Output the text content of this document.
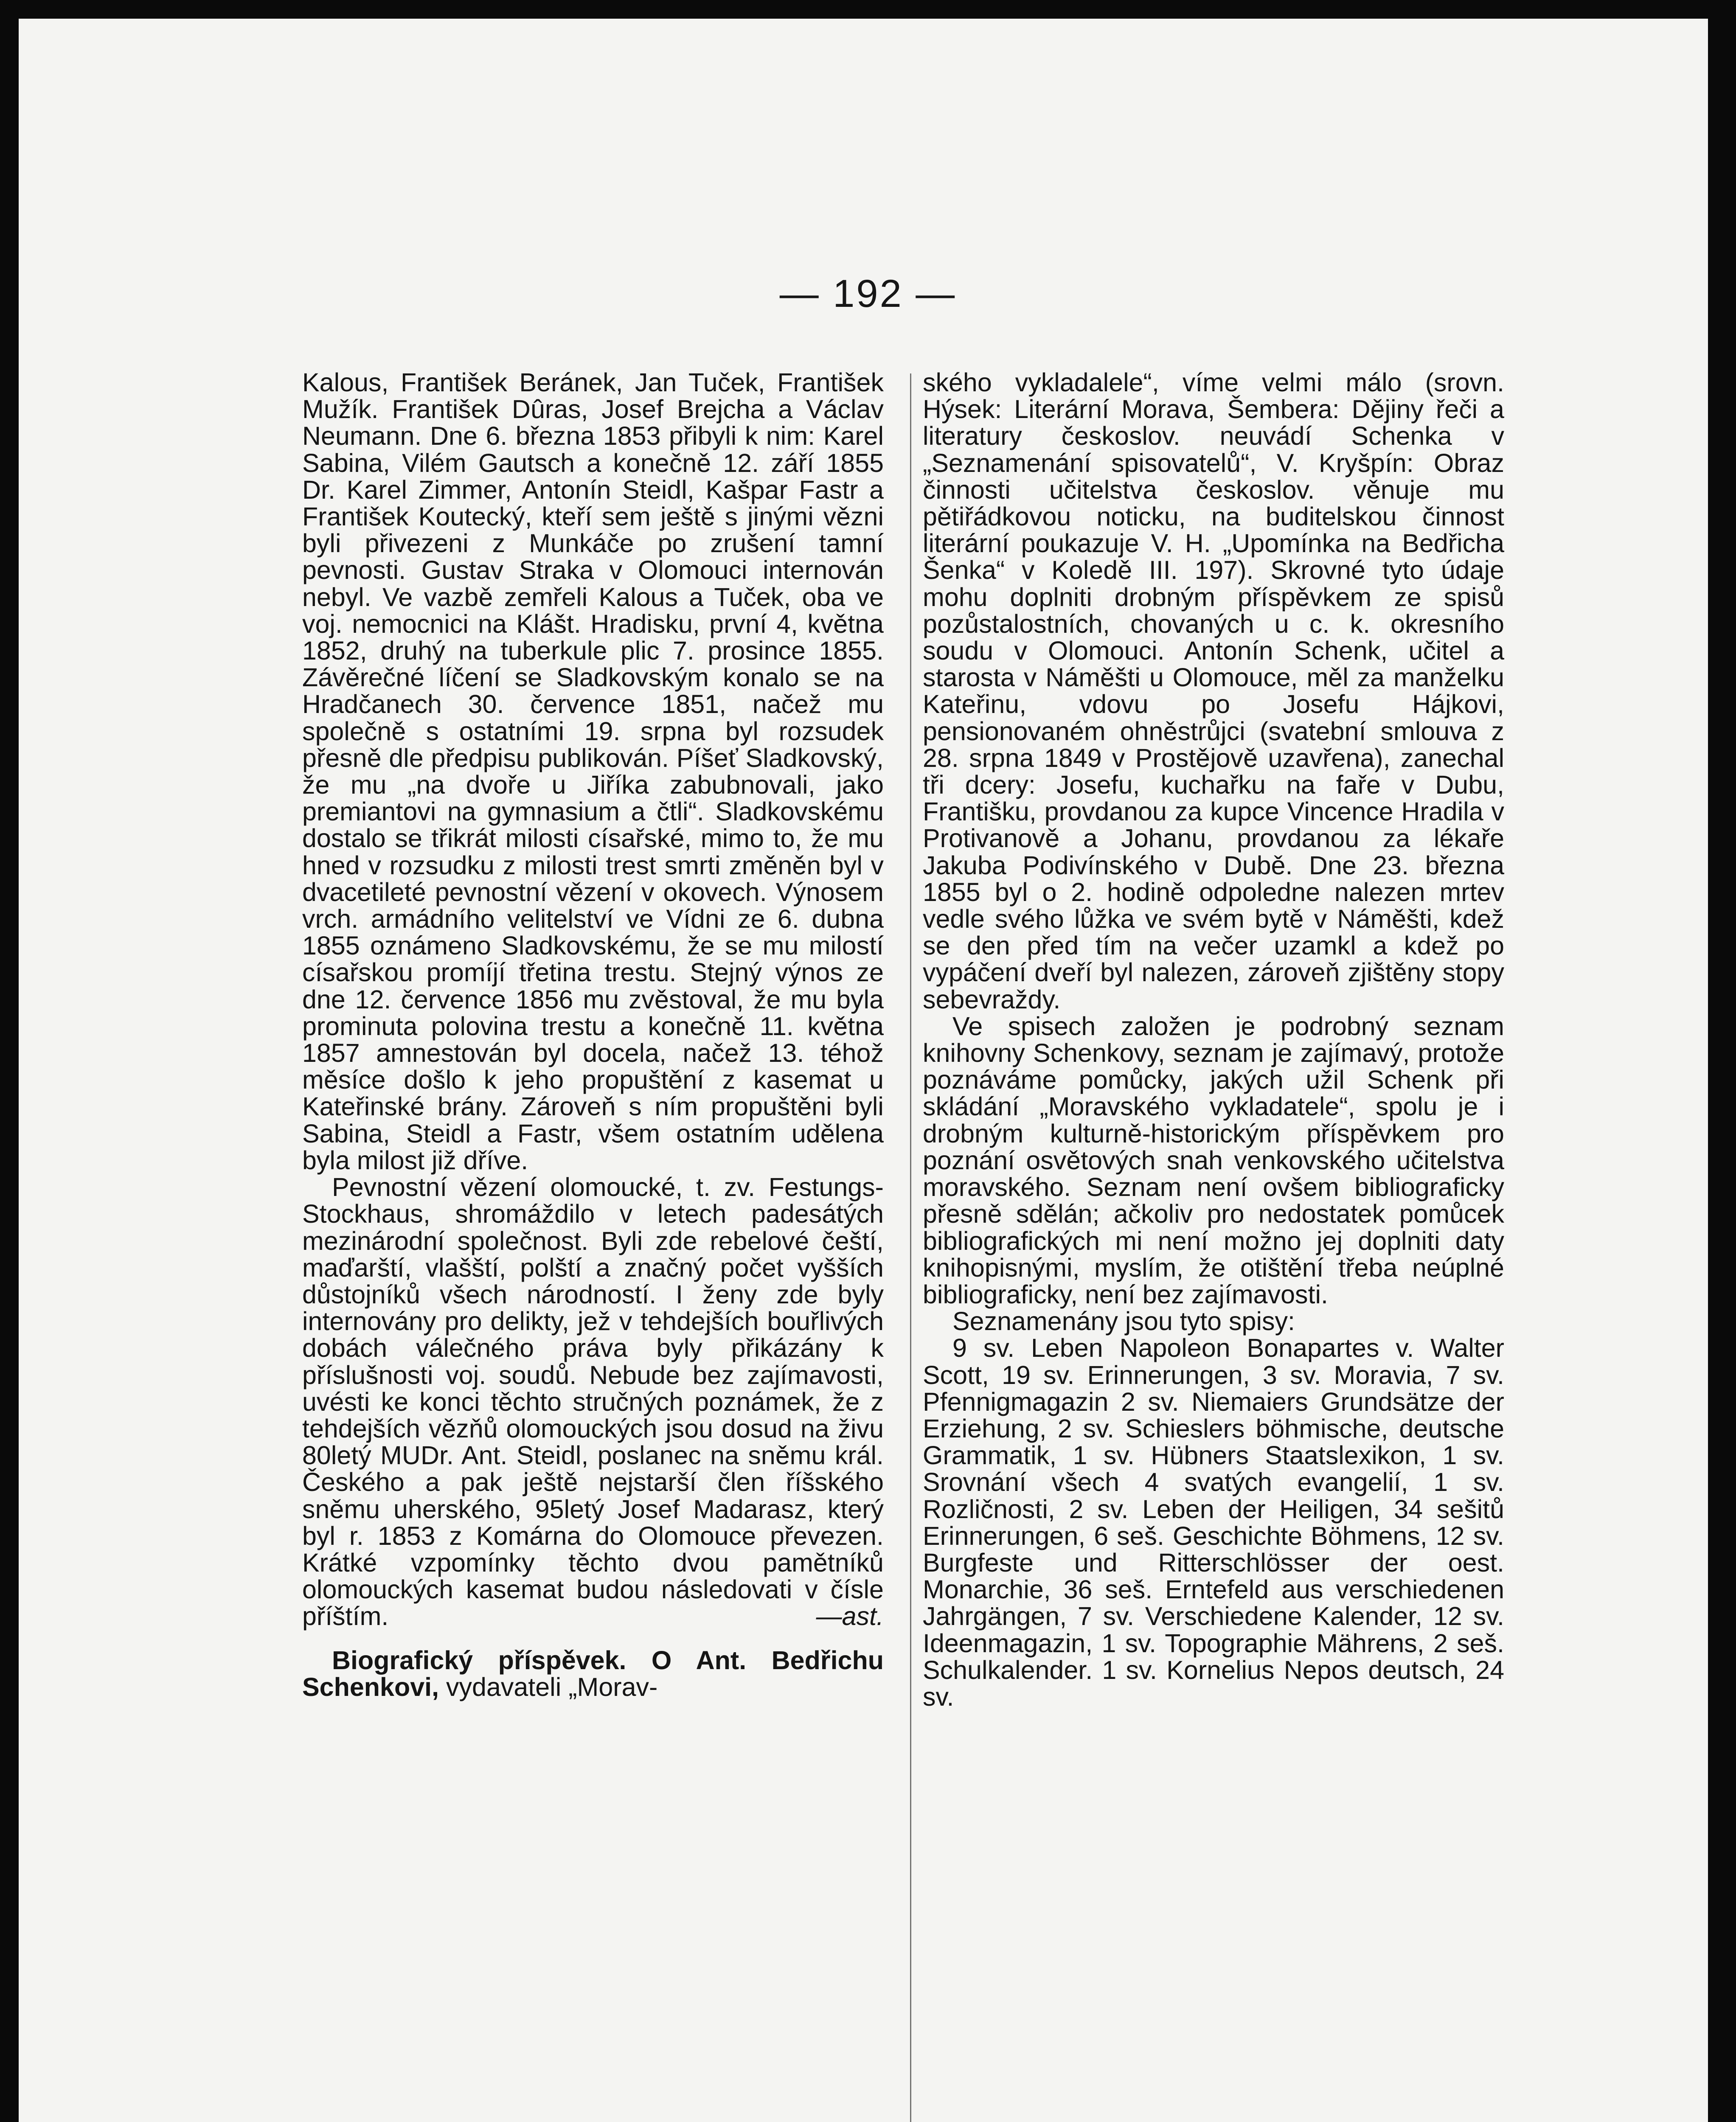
— 192 —

Kalous, František Beránek, Jan Tuček, František Mužík. František Dûras, Josef Brejcha a Václav Neumann. Dne 6. března 1853 přibyli k nim: Karel Sabina, Vilém Gautsch a konečně 12. září 1855 Dr. Karel Zimmer, Antonín Steidl, Kašpar Fastr a František Koutecký, kteří sem ještě s jinými vězni byli přivezeni z Munkáče po zrušení tamní pevnosti. Gustav Straka v Olomouci internován nebyl. Ve vazbě zemřeli Kalous a Tuček, oba ve voj. nemocnici na Klášt. Hradisku, první 4, května 1852, druhý na tuberkule plic 7. prosince 1855. Závěrečné líčení se Sladkovským konalo se na Hradčanech 30. července 1851, načež mu společně s ostatními 19. srpna byl rozsudek přesně dle předpisu publikován. Píšeť Sladkovský, že mu „na dvoře u Jiříka zabubnovali, jako premiantovi na gymnasium a čtli“. Sladkovskému dostalo se třikrát milosti císařské, mimo to, že mu hned v rozsudku z milosti trest smrti změněn byl v dvacetileté pevnostní vězení v okovech. Výnosem vrch. armádního velitelství ve Vídni ze 6. dubna 1855 oznámeno Sladkovskému, že se mu milostí císařskou promíjí třetina trestu. Stejný výnos ze dne 12. července 1856 mu zvěstoval, že mu byla prominuta polovina trestu a konečně 11. května 1857 amnestován byl docela, načež 13. téhož měsíce došlo k jeho propuštění z kasemat u Kateřinské brány. Zároveň s ním propuštěni byli Sabina, Steidl a Fastr, všem ostatním udělena byla milost již dříve.

Pevnostní vězení olomoucké, t. zv. Festungs-Stockhaus, shromáždilo v letech padesátých mezinárodní společnost. Byli zde rebelové čeští, maďarští, vlašští, polští a značný počet vyšších důstojníků všech národností. I ženy zde byly internovány pro delikty, jež v tehdejších bouřlivých dobách válečného práva byly přikázány k příslušnosti voj. soudů. Nebude bez zajímavosti, uvésti ke konci těchto stručných poznámek, že z tehdejších vězňů olomouckých jsou dosud na živu 80letý MUDr. Ant. Steidl, poslanec na sněmu král. Českého a pak ještě nejstarší člen říšského sněmu uherského, 95letý Josef Madarasz, který byl r. 1853 z Komárna do Olomouce převezen. Krátké vzpomínky těchto dvou pamětníků olomouckých kasemat budou následovati v čísle příštím.	—ast.

Biografický příspěvek. O Ant. Bedřichu Schenkovi, vydavateli „Morav-

ského vykladalele“, víme velmi málo (srovn. Hýsek: Literární Morava, Šembera: Dějiny řeči a literatury českoslov. neuvádí Schenka v „Seznamenání spisovatelů“, V. Kryšpín: Obraz činnosti učitelstva českoslov. věnuje mu pětiřádkovou noticku, na buditelskou činnost literární poukazuje V. H. „Upomínka na Bedřicha Šenka“ v Koledě III. 197). Skrovné tyto údaje mohu doplniti drobným příspěvkem ze spisů pozůstalostních, chovaných u c. k. okresního soudu v Olomouci. Antonín Schenk, učitel a starosta v Náměšti u Olomouce, měl za manželku Kateřinu, vdovu po Josefu Hájkovi, pensionovaném ohněstrůjci (svatební smlouva z 28. srpna 1849 v Prostějově uzavřena), zanechal tři dcery: Josefu, kuchařku na faře v Dubu, Františku, provdanou za kupce Vincence Hradila v Protivanově a Johanu, provdanou za lékaře Jakuba Podivínského v Dubě. Dne 23. března 1855 byl o 2. hodině odpoledne nalezen mrtev vedle svého lůžka ve svém bytě v Náměšti, kdež se den před tím na večer uzamkl a kdež po vypáčení dveří byl nalezen, zároveň zjištěny stopy sebevraždy.

Ve spisech založen je podrobný seznam knihovny Schenkovy, seznam je zajímavý, protože poznáváme pomůcky, jakých užil Schenk při skládání „Moravského vykladatele“, spolu je i drobným kulturně-historickým příspěvkem pro poznání osvětových snah venkovského učitelstva moravského. Seznam není ovšem bibliograficky přesně sdělán; ačkoliv pro nedostatek pomůcek bibliografických mi není možno jej doplniti daty knihopisnými, myslím, že otištění třeba neúplné bibliograficky, není bez zajímavosti.

Seznamenány jsou tyto spisy:

9 sv. Leben Napoleon Bonapartes v. Walter Scott, 19 sv. Erinnerungen, 3 sv. Moravia, 7 sv. Pfennigmagazin 2 sv. Niemaiers Grundsätze der Erziehung, 2 sv. Schieslers böhmische, deutsche Grammatik, 1 sv. Hübners Staatslexikon, 1 sv. Srovnání všech 4 svatých evangelií, 1 sv. Rozličnosti, 2 sv. Leben der Heiligen, 34 sešitů Erinnerungen, 6 seš. Geschichte Böhmens, 12 sv. Burgfeste und Ritterschlösser der oest. Monarchie, 36 seš. Erntefeld aus verschiedenen Jahrgängen, 7 sv. Verschiedene Kalender, 12 sv. Ideenmagazin, 1 sv. Topographie Mährens, 2 seš. Schulkalender. 1 sv. Kornelius Nepos deutsch, 24 sv.
